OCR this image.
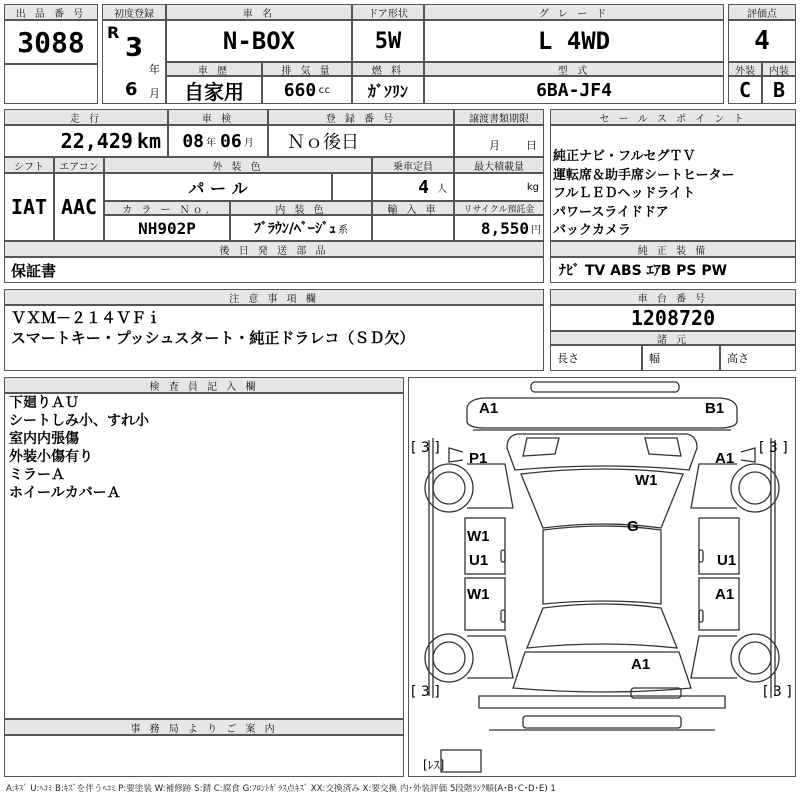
出 品 番 号
3088
初度登録
R
3
年
6 月
車 名
N-BOX
ドア形状
5W
グ レ ー ド
L 4WD
評価点
4
車 歴
自家用
排 気 量
660 cc
燃 料
ｶﾞｿﾘﾝ
型 式
6BA-JF4
外装
C
内装
B
走 行
22,429 km
車 検
08 年 06 月
登 録 番 号
Ｎｏ後日
譲渡書類期限
月 日
セ ー ル ス ポ イ ン ト
純正ナビ・フルセグＴＶ
運転席＆助手席シートヒーター
フルＬＥＤヘッドライト
パワースライドドア
バックカメラ
シフト
IAT
エアコン
AAC
外 装 色
パ ー ル
乗車定員
4 人
最大積載量
kg
カ ラ ー Ｎｏ.
NH902P
内 装 色
ﾌﾞﾗｳﾝ/ﾍﾞｰｼﾞｭ 系
輸 入 車	リサイクル預託金
8,550 円
後 日 発 送 部 品
保証書
純 正 装 備
ﾅﾋﾞ TV ABS ｴｱB PS PW
注 意 事 項 欄
ＶＸＭ－２１４ＶＦｉ
スマートキー・プッシュスタート・純正ドラレコ（ＳＤ欠）
車 台 番 号
1208720
諸 元
長さ	幅	高さ
検 査 員 記 入 欄
下廻りＡＵ
シートしみ小、すれ小
室内内張傷
外装小傷有り
ミラーＡ
ホイールカバーＡ
事 務 局 よ り ご 案 内
A1	B1
P1	A1
W1
G
W1
U1
W1
U1
A1
A1
[ 3 ]	[ 3 ]
[ 3 ]	[ 3 ]
[ﾚｽ]
A:ｷｽﾞ U:ﾍｺﾐ B:ｷｽﾞを伴うﾍｺﾐ P:要塗装 W:補修跡 S:錆 C:腐食 G:ﾌﾛﾝﾄｶﾞﾗｽ点ｷｽﾞ XX:交換済み X:要交換 内･外装評価 5段階ﾗﾝｸ順(A･B･C･D･E) 1
